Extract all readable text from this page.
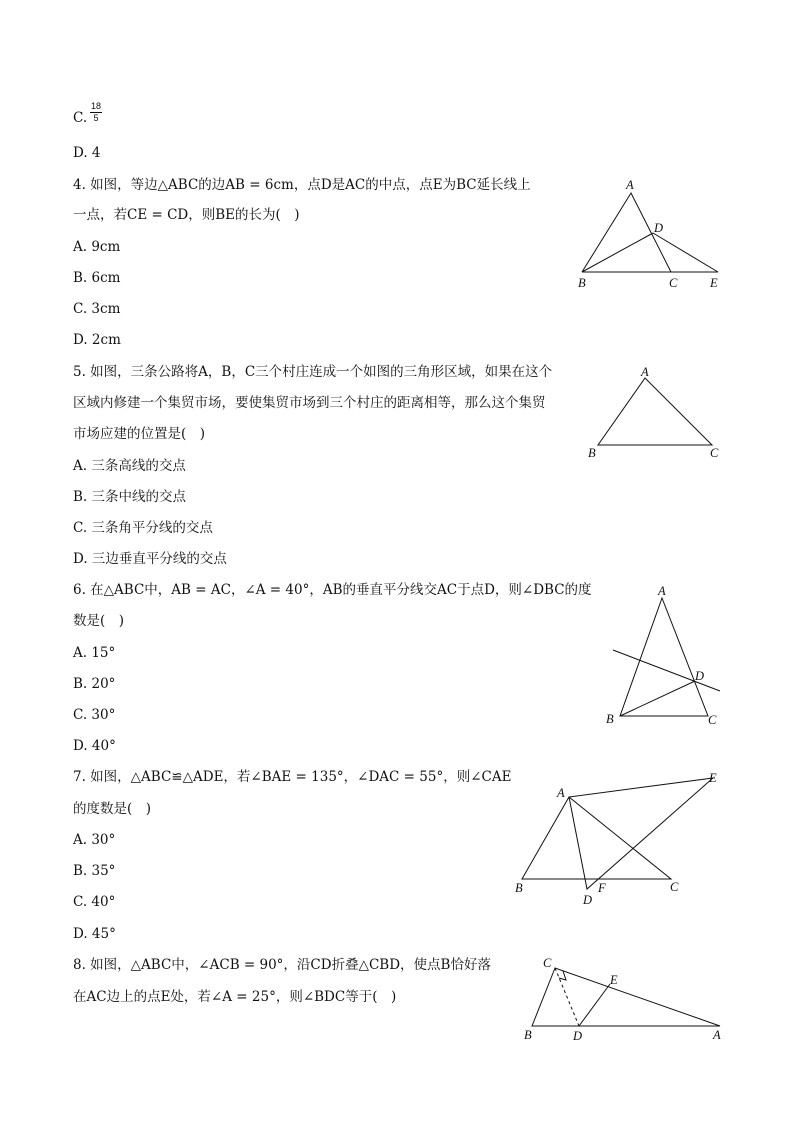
C. $\frac{18}{5}$
D. 4
4. 如图，等边△ABC的边AB = 6cm，点D是AC的中点，点E为BC延长线上
一点，若CE = CD，则BE的长为(　)
A. 9cm
B. 6cm
C. 3cm
D. 2cm
A
B	C
D
E
5. 如图，三条公路将A，B，C三个村庄连成一个如图的三角形区域，如果在这个
区域内修建一个集贸市场，要使集贸市场到三个村庄的距离相等，那么这个集贸
市场应建的位置是(　)
A. 三条高线的交点
B. 三条中线的交点
C. 三条角平分线的交点
D. 三边垂直平分线的交点
A
B	C
6. 在△ABC中，AB = AC，∠A = 40°，AB的垂直平分线交AC于点D，则∠DBC的度
数是(　)
A. 15°
B. 20°
C. 30°
D. 40°
A
B	C
D
7. 如图，△ABC≌△ADE，若∠BAE = 135°，∠DAC = 55°，则∠CAE
的度数是(　)
A. 30°
B. 35°
C. 40°
D. 45°
A
B	C
D
E
F
8. 如图，△ABC中，∠ACB = 90°，沿CD折叠△CBD，使点B恰好落
在AC边上的点E处，若∠A = 25°，则∠BDC等于(　)
C
B	D
E
A
